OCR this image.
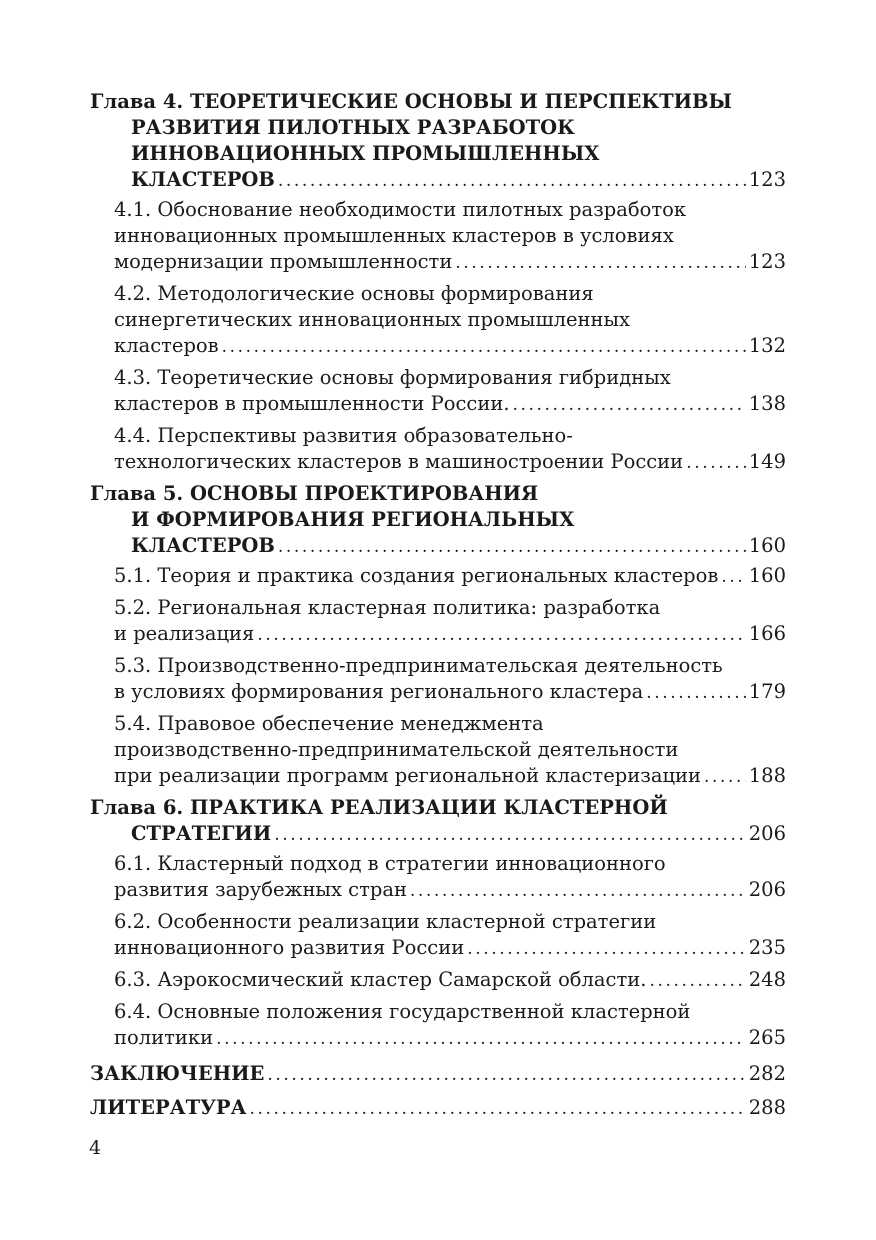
Глава 4. ТЕОРЕТИЧЕСКИЕ ОСНОВЫ И ПЕРСПЕКТИВЫ
РАЗВИТИЯ ПИЛОТНЫХ РАЗРАБОТОК
ИННОВАЦИОННЫХ ПРОМЫШЛЕННЫХ
КЛАСТЕРОВ .....	123
4.1. Обоснование необходимости пилотных разработок
инновационных промышленных кластеров в условиях
модернизации промышленности .....	123
4.2. Методологические основы формирования
синергетических инновационных промышленных
кластеров .....	132
4.3. Теоретические основы формирования гибридных
кластеров в промышленности России. .....	138
4.4. Перспективы развития образовательно-
технологических кластеров в машиностроении России .....	149
Глава 5. ОСНОВЫ ПРОЕКТИРОВАНИЯ
И ФОРМИРОВАНИЯ РЕГИОНАЛЬНЫХ
КЛАСТЕРОВ .....	160
5.1. Теория и практика создания региональных кластеров ..... 160
5.2. Региональная кластерная политика: разработка
и реализация .....	166
5.3. Производственно-предпринимательская деятельность
в условиях формирования регионального кластера .....	179
5.4. Правовое обеспечение менеджмента
производственно-предпринимательской деятельности
при реализации программ региональной кластеризации ..... 188
Глава 6. ПРАКТИКА РЕАЛИЗАЦИИ КЛАСТЕРНОЙ
СТРАТЕГИИ .....	206
6.1. Кластерный подход в стратегии инновационного
развития зарубежных стран .....	206
6.2. Особенности реализации кластерной стратегии
инновационного развития России .....	235
6.3. Аэрокосмический кластер Самарской области. .....	248
6.4. Основные положения государственной кластерной
политики .....	265
ЗАКЛЮЧЕНИЕ .....	282
ЛИТЕРАТУРА .....	288
4
